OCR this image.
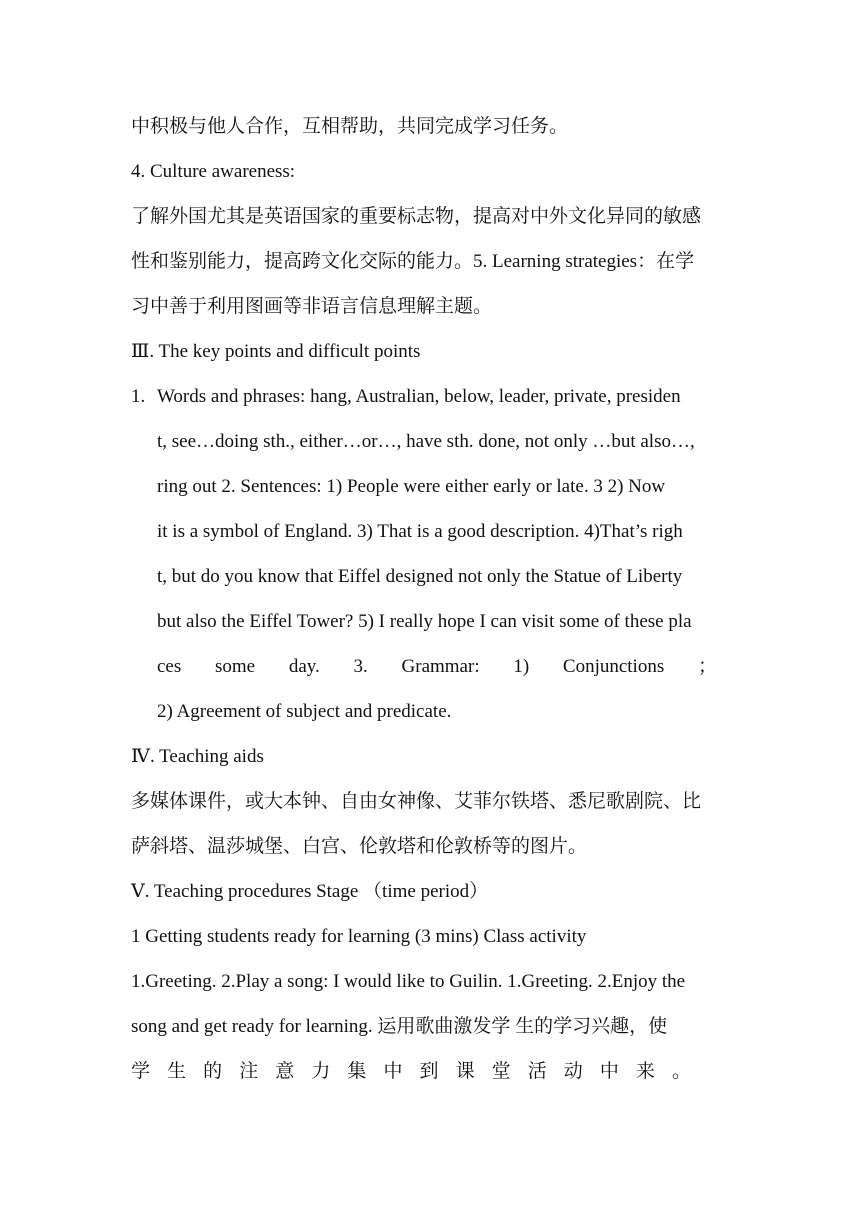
中积极与他人合作，互相帮助，共同完成学习任务。
4. Culture awareness:
了解外国尤其是英语国家的重要标志物，提高对中外文化异同的敏感
性和鉴别能力，提高跨文化交际的能力。5. Learning strategies：在学
习中善于利用图画等非语言信息理解主题。
Ⅲ. The key points and difficult points
1. Words and phrases: hang, Australian, below, leader, private, presiden
t, see…doing sth., either…or…, have sth. done, not only …but also…,
ring out 2. Sentences: 1) People were either early or late. 3 2) Now
it is a symbol of England. 3) That is a good description. 4)That’s righ
t, but do you know that Eiffel designed not only the Statue of Liberty
but also the Eiffel Tower? 5) I really hope I can visit some of these pla
ces some day. 3. Grammar: 1) Conjunctions ；
2) Agreement of subject and predicate.
Ⅳ. Teaching aids
多媒体课件，或大本钟、自由女神像、艾菲尔铁塔、悉尼歌剧院、比
萨斜塔、温莎城堡、白宫、伦敦塔和伦敦桥等的图片。
Ⅴ. Teaching procedures Stage （time period）
1 Getting students ready for learning (3 mins) Class activity
1.Greeting. 2.Play a song: I would like to Guilin. 1.Greeting. 2.Enjoy the
song and get ready for learning. 运用歌曲激发学 生的学习兴趣，使
学 生 的 注 意 力 集 中 到 课 堂 活 动 中 来 。
